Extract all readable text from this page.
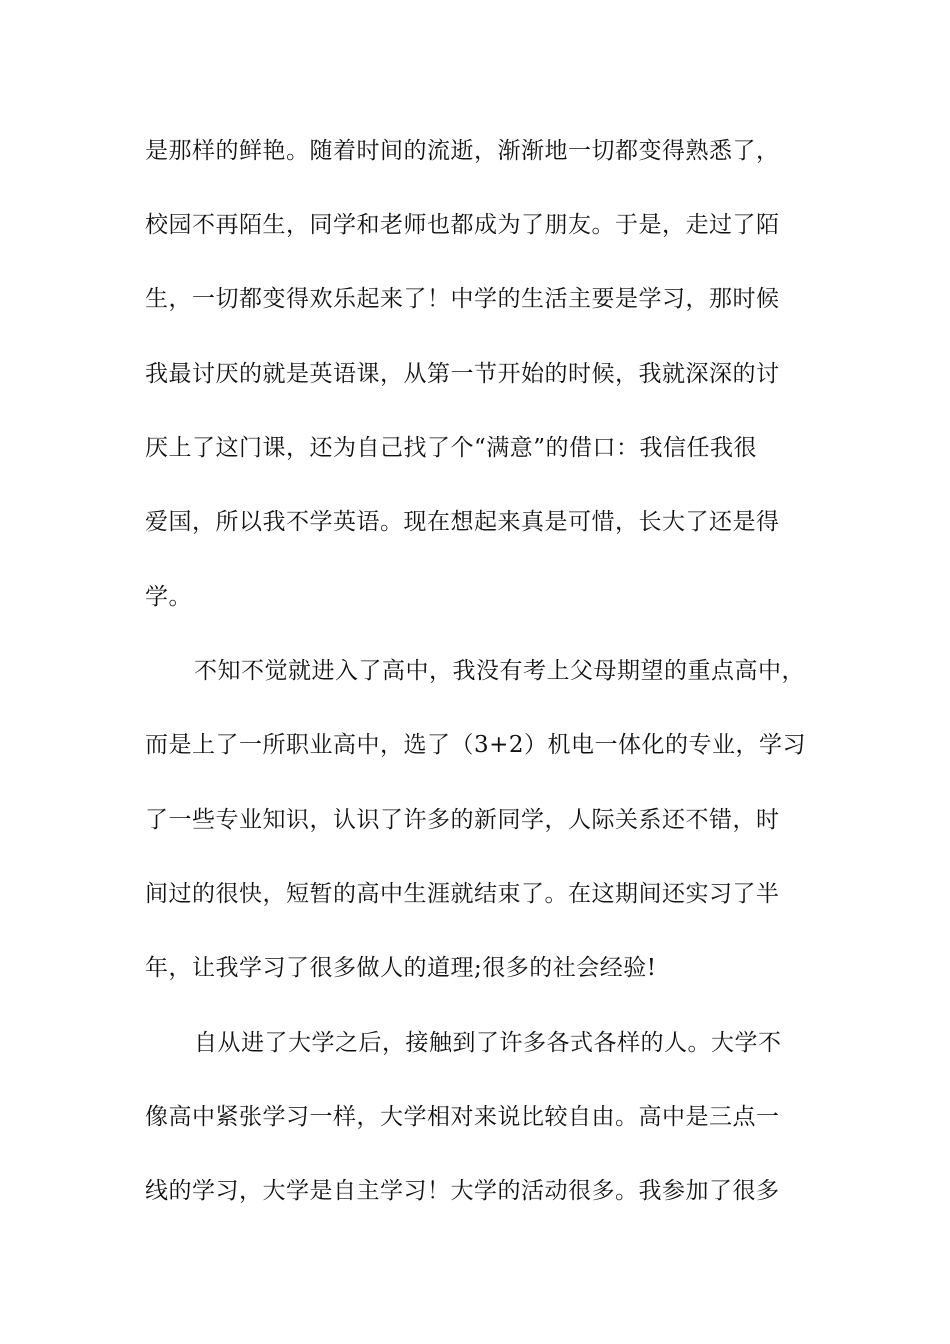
是那样的鲜艳。随着时间的流逝，渐渐地一切都变得熟悉了，

校园不再陌生，同学和老师也都成为了朋友。于是，走过了陌

生，一切都变得欢乐起来了！中学的生活主要是学习，那时候

我最讨厌的就是英语课，从第一节开始的时候，我就深深的讨

厌上了这门课，还为自己找了个“满意”的借口：我信任我很

爱国，所以我不学英语。现在想起来真是可惜，长大了还是得

学。

不知不觉就进入了高中，我没有考上父母期望的重点高中，

而是上了一所职业高中，选了（3+2）机电一体化的专业，学习

了一些专业知识，认识了许多的新同学，人际关系还不错，时

间过的很快，短暂的高中生涯就结束了。在这期间还实习了半

年，让我学习了很多做人的道理;很多的社会经验!

自从进了大学之后，接触到了许多各式各样的人。大学不

像高中紧张学习一样，大学相对来说比较自由。高中是三点一

线的学习，大学是自主学习！大学的活动很多。我参加了很多
